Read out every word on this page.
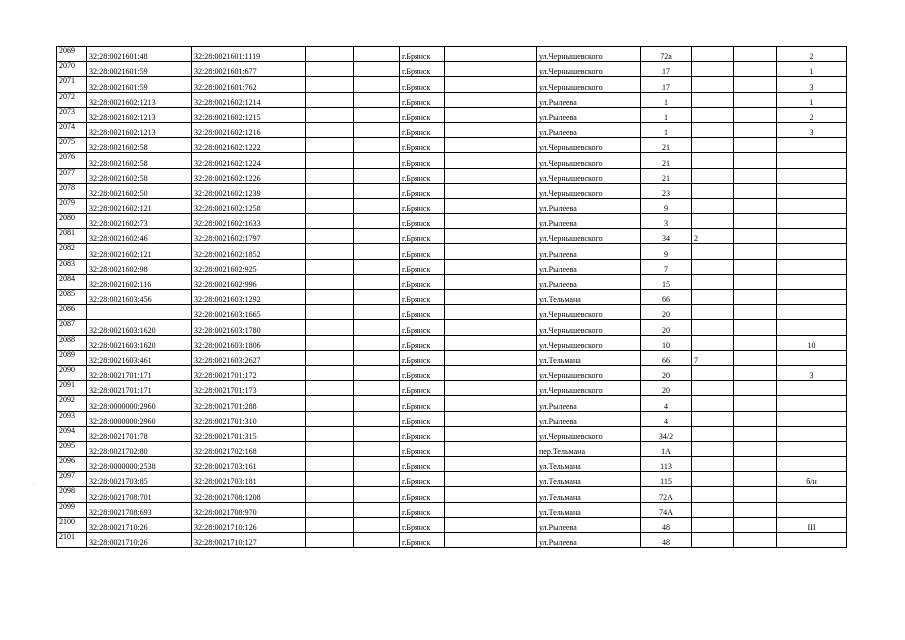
2069	32:28:0021601:48	32:28:0021601:1119			г.Брянск		ул.Чернышевского	72а			2
2070	32:28:0021601:59	32:28:0021601:677			г.Брянск		ул.Чернышевского	17			1
2071	32:28:0021601:59	32:28:0021601:762			г.Брянск		ул.Чернышевского	17			3
2072	32:28:0021602:1213	32:28:0021602:1214			г.Брянск		ул.Рылеева	1			1
2073	32:28:0021602:1213	32:28:0021602:1215			г.Брянск		ул.Рылеева	1			2
2074	32:28:0021602:1213	32:28:0021602:1216			г.Брянск		ул.Рылеева	1			3
2075	32:28:0021602:58	32:28:0021602:1222			г.Брянск		ул.Чернышевского	21			
2076	32:28:0021602:58	32:28:0021602:1224			г.Брянск		ул.Чернышевского	21			
2077	32:28:0021602:58	32:28:0021602:1226			г.Брянск		ул.Чернышевского	21			
2078	32:28:0021602:50	32:28:0021602:1239			г.Брянск		ул.Чернышевского	23			
2079	32:28:0021602:121	32:28:0021602:1258			г.Брянск		ул.Рылеева	9			
2080	32:28:0021602:73	32:28:0021602:1633			г.Брянск		ул.Рылеева	3			
2081	32:28:0021602:46	32:28:0021602:1797			г.Брянск		ул.Чернышевского	34	2		
2082	32:28:0021602:121	32:28:0021602:1852			г.Брянск		ул.Рылеева	9			
2083	32:28:0021602:98	32:28:0021602:925			г.Брянск		ул.Рылеева	7			
2084	32:28:0021602:116	32:28:0021602:996			г.Брянск		ул.Рылеева	15			
2085	32:28:0021603:456	32:28:0021603:1292			г.Брянск		ул.Тельмана	66			
2086		32:28:0021603:1665			г.Брянск		ул.Чернышевского	20			
2087	32:28:0021603:1620	32:28:0021603:1780			г.Брянск		ул.Чернышевского	20			
2088	32:28:0021603:1620	32:28:0021603:1806			г.Брянск		ул.Чернышевского	10			10
2089	32:28:0021603:461	32:28:0021603:2627			г.Брянск		ул.Тельмана	66	7		
2090	32:28:0021701:171	32:28:0021701:172			г.Брянск		ул.Чернышевского	20			3
2091	32:28:0021701:171	32:28:0021701:173			г.Брянск		ул.Чернышевского	20			
2092	32:28:0000000:2960	32:28:0021701:288			г.Брянск		ул.Рылеева	4			
2093	32:28:0000000:2960	32:28:0021701:310			г.Брянск		ул.Рылеева	4			
2094	32:28:0021701:78	32:28:0021701:315			г.Брянск		ул.Чернышевского	34/2			
2095	32:28:0021702:80	32:28:0021702:168			г.Брянск		пер.Тельмана	1А			
2096	32:28:0000000:2538	32:28:0021703:161			г.Брянск		ул.Тельмана	113			
2097	32:28:0021703:85	32:28:0021703:181			г.Брянск		ул.Тельмана	115			б/н
2098	32:28:0021708:701	32:28:0021708:1208			г.Брянск		ул.Тельмана	72А			
2099	32:28:0021708:693	32:28:0021708:970			г.Брянск		ул.Тельмана	74А			
2100	32:28:0021710:26	32:28:0021710:126			г.Брянск		ул.Рылеева	48			III
2101	32:28:0021710:26	32:28:0021710:127			г.Брянск		ул.Рылеева	48			
.
